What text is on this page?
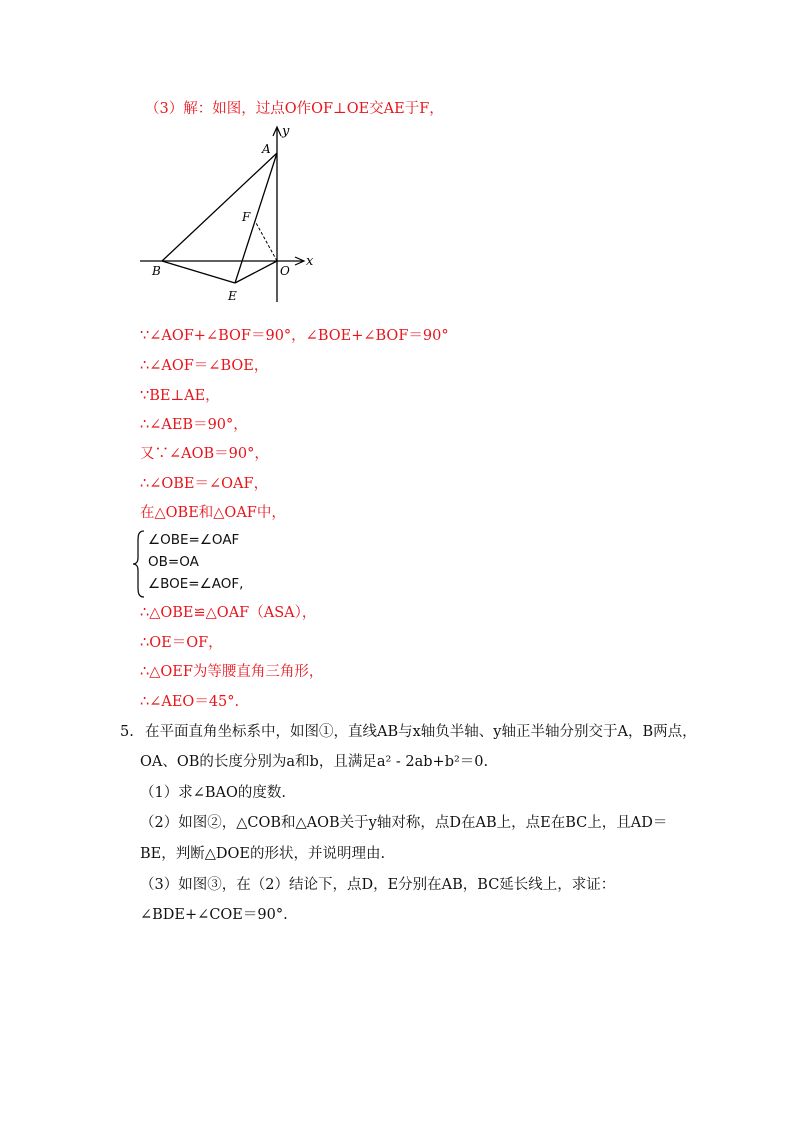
（3）解：如图，过点O作OF⊥OE交AE于F，
y
A
F
x
B	O
E
∵∠AOF+∠BOF＝90°，∠BOE+∠BOF＝90°
∴∠AOF＝∠BOE，
∵BE⊥AE，
∴∠AEB＝90°，
又∵∠AOB＝90°，
∴∠OBE＝∠OAF，
在△OBE和△OAF中，
∠OBE=∠OAF
OB=OA
∠BOE=∠AOF,
∴△OBE≌△OAF（ASA），
∴OE＝OF，
∴△OEF为等腰直角三角形，
∴∠AEO＝45°.
5. 在平面直角坐标系中，如图①，直线AB与x轴负半轴、y轴正半轴分别交于A，B两点，
OA、OB的长度分别为a和b，且满足a² - 2ab+b²＝0.
（1）求∠BAO的度数.
（2）如图②，△COB和△AOB关于y轴对称，点D在AB上，点E在BC上，且AD＝
BE，判断△DOE的形状，并说明理由.
（3）如图③，在（2）结论下，点D，E分别在AB，BC延长线上，求证：
∠BDE+∠COE＝90°.
